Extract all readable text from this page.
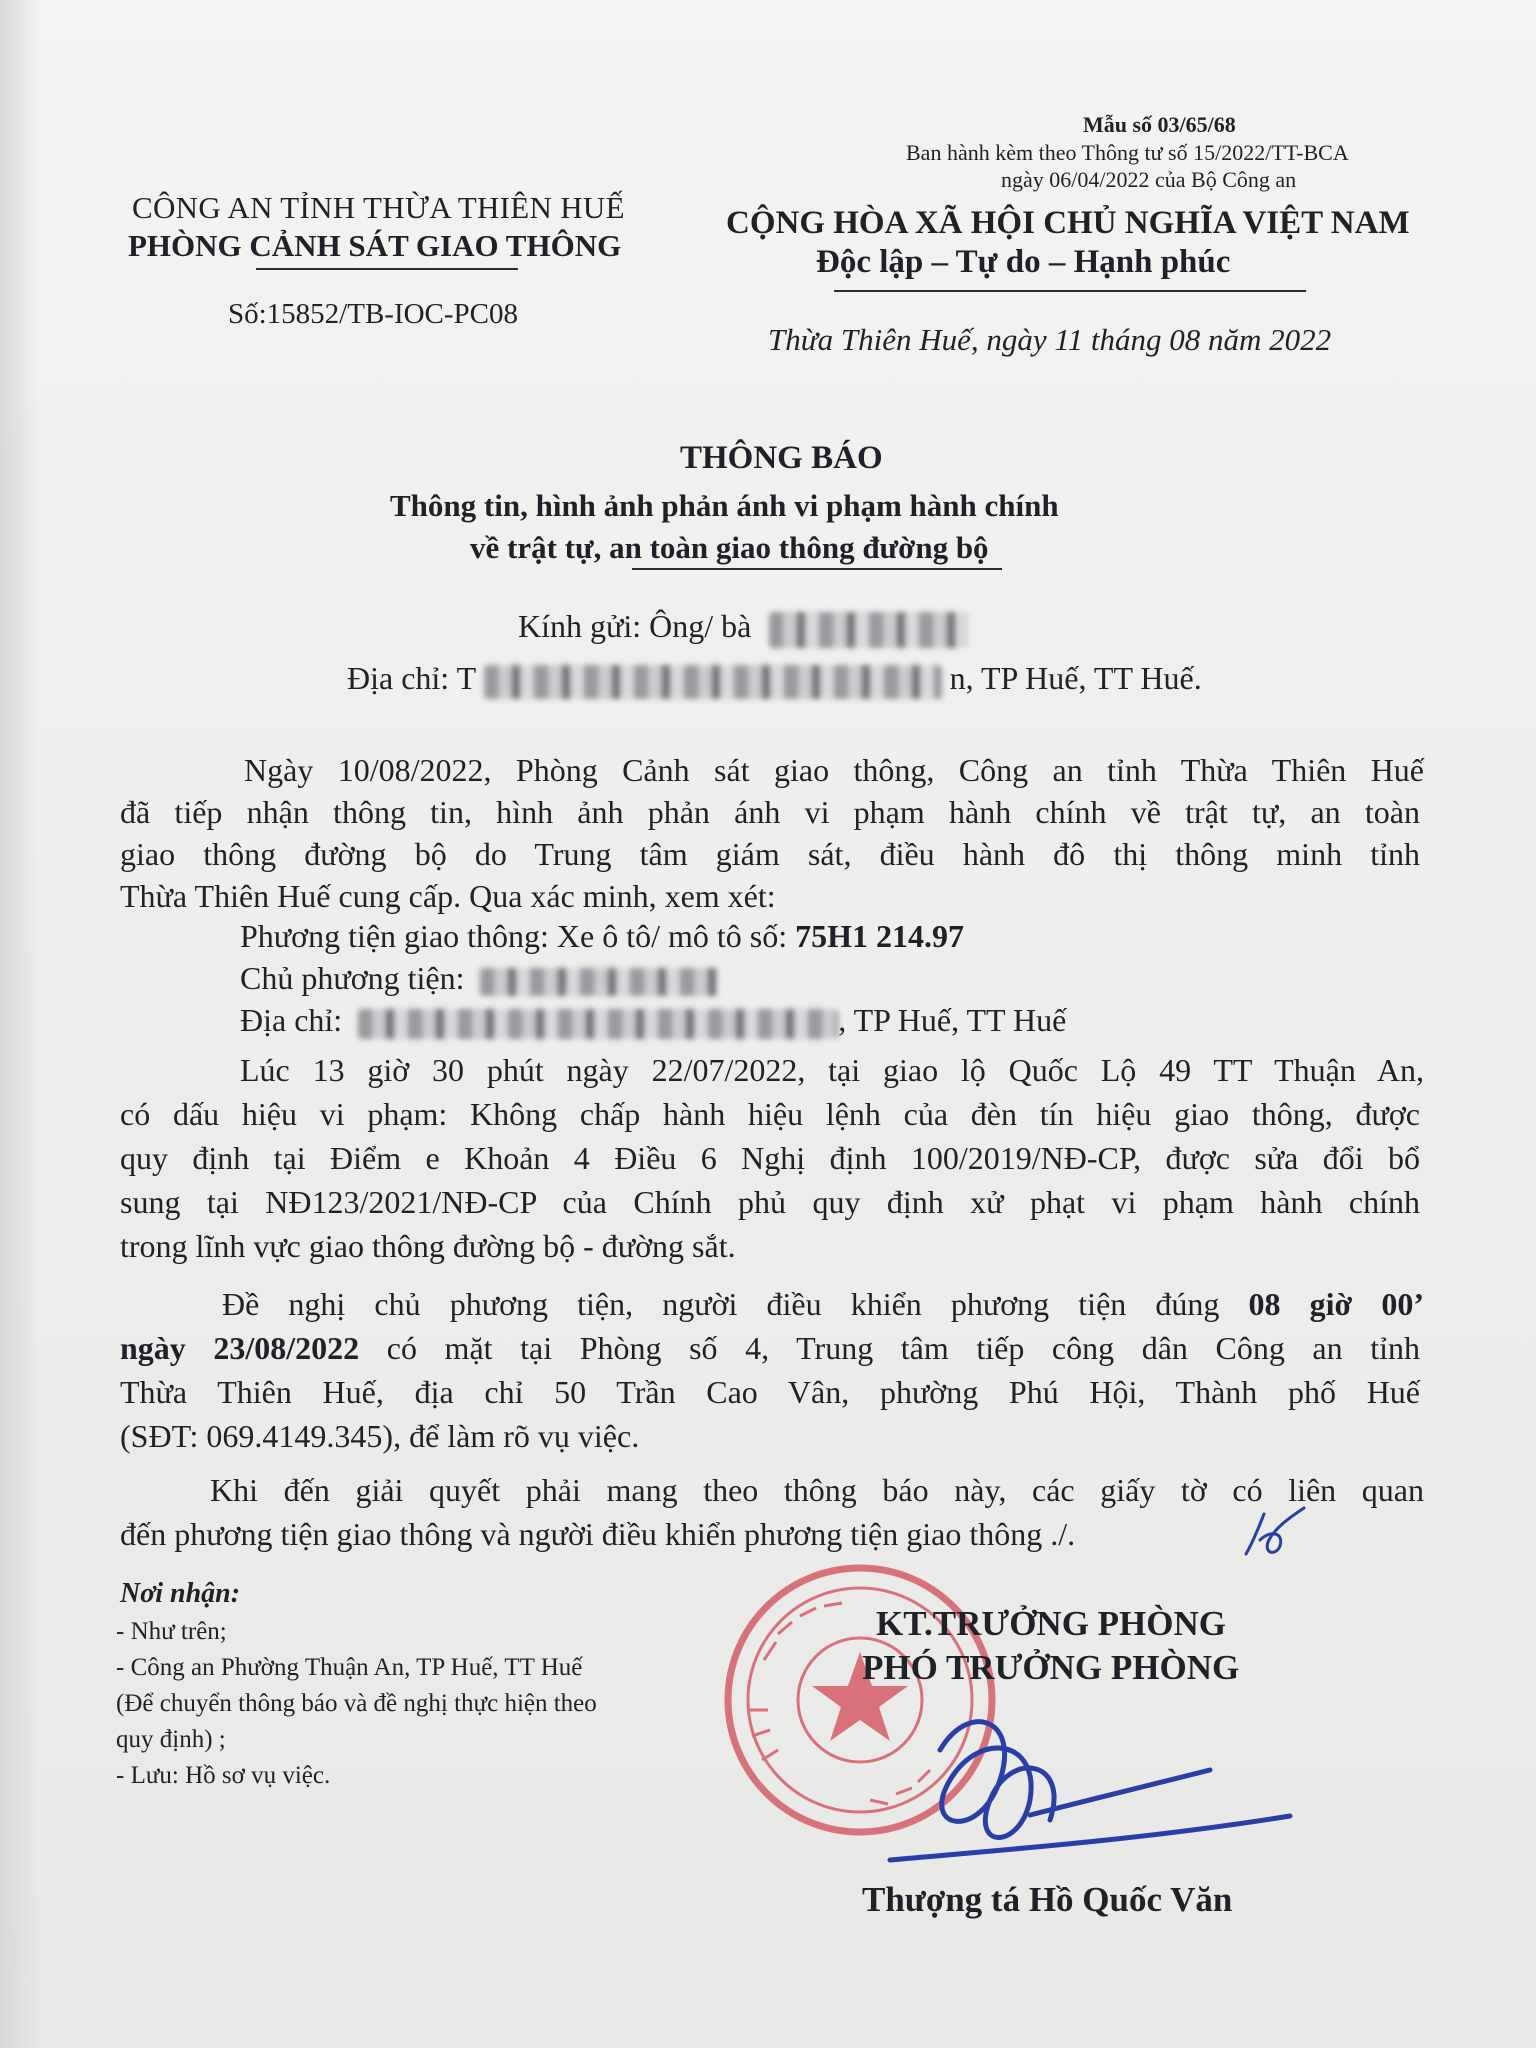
Mẫu số 03/65/68
Ban hành kèm theo Thông tư số 15/2022/TT-BCA
ngày 06/04/2022 của Bộ Công an
CÔNG AN TỈNH THỪA THIÊN HUẾ
PHÒNG CẢNH SÁT GIAO THÔNG
Số:15852/TB-IOC-PC08
CỘNG HÒA XÃ HỘI CHỦ NGHĨA VIỆT NAM
Độc lập – Tự do – Hạnh phúc
Thừa Thiên Huế, ngày 11 tháng 08 năm 2022
THÔNG BÁO
Thông tin, hình ảnh phản ánh vi phạm hành chính
về trật tự, an toàn giao thông đường bộ
Kính gửi: Ông/ bà
Địa chỉ: T	n, TP Huế, TT Huế.
Ngày 10/08/2022, Phòng Cảnh sát giao thông, Công an tỉnh Thừa Thiên Huế
đã tiếp nhận thông tin, hình ảnh phản ánh vi phạm hành chính về trật tự, an toàn
giao thông đường bộ do Trung tâm giám sát, điều hành đô thị thông minh tỉnh
Thừa Thiên Huế cung cấp. Qua xác minh, xem xét:
Phương tiện giao thông: Xe ô tô/ mô tô số: 75H1 214.97
Chủ phương tiện:
Địa chỉ:	, TP Huế, TT Huế
Lúc 13 giờ 30 phút ngày 22/07/2022, tại giao lộ Quốc Lộ 49 TT Thuận An,
có dấu hiệu vi phạm: Không chấp hành hiệu lệnh của đèn tín hiệu giao thông, được
quy định tại Điểm e Khoản 4 Điều 6 Nghị định 100/2019/NĐ-CP, được sửa đổi bổ
sung tại NĐ123/2021/NĐ-CP của Chính phủ quy định xử phạt vi phạm hành chính
trong lĩnh vực giao thông đường bộ - đường sắt.
Đề nghị chủ phương tiện, người điều khiển phương tiện đúng 08 giờ 00’
ngày 23/08/2022 có mặt tại Phòng số 4, Trung tâm tiếp công dân Công an tỉnh
Thừa Thiên Huế, địa chỉ 50 Trần Cao Vân, phường Phú Hội, Thành phố Huế
(SĐT: 069.4149.345), để làm rõ vụ việc.
Khi đến giải quyết phải mang theo thông báo này, các giấy tờ có liên quan
đến phương tiện giao thông và người điều khiển phương tiện giao thông ./.
Nơi nhận:
- Như trên;
- Công an Phường Thuận An, TP Huế, TT Huế
(Để chuyển thông báo và đề nghị thực hiện theo
quy định) ;
- Lưu: Hồ sơ vụ việc.
KT.TRƯỞNG PHÒNG
PHÓ TRƯỞNG PHÒNG
Thượng tá Hồ Quốc Văn
